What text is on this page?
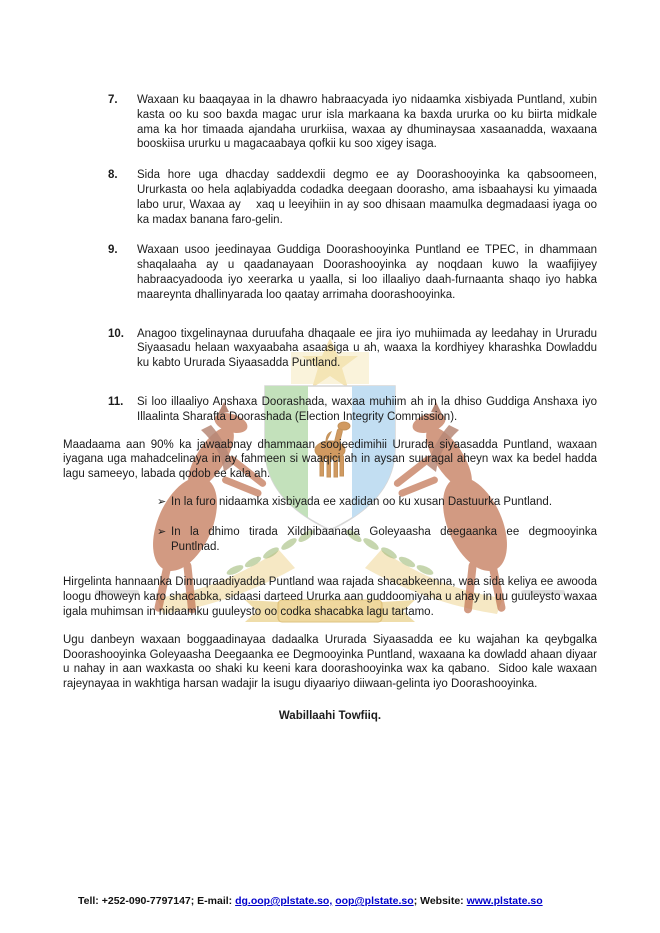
7. Waxaan ku baaqayaa in la dhawro habraacyada iyo nidaamka xisbiyada Puntland, xubin kasta oo ku soo baxda magac urur isla markaana ka baxda ururka oo ku biirta midkale ama ka hor timaada ajandaha ururkiisa, waxaa ay dhuminaysaa xasaanadda, waxaana booskiisa ururku u magacaabaya qofkii ku soo xigey isaga.
8. Sida hore uga dhacday saddexdii degmo ee ay Doorashooyinka ka qabsoomeen, Ururkasta oo hela aqlabiyadda codadka deegaan doorasho, ama isbaahaysi ku yimaada labo urur, Waxaa ay    xaq u leeyihiin in ay soo dhisaan maamulka degmadaasi iyaga oo ka madax banana faro-gelin.
9. Waxaan usoo jeedinayaa Guddiga Doorashooyinka Puntland ee TPEC, in dhammaan shaqalaaha ay u qaadanayaan Doorashooyinka ay noqdaan kuwo la waafijiyey habraacyadooda iyo xeerarka u yaalla, si loo illaaliyo daah-furnaanta shaqo iyo habka maareynta dhallinyarada loo qaatay arrimaha doorashooyinka.
10. Anagoo tixgelinaynaa duruufaha dhaqaale ee jira iyo muhiimada ay leedahay in Ururadu Siyaasadu helaan waxyaabaha asaasiga u ah, waaxa la kordhiyey kharashka Dowladdu ku kabto Ururada Siyaasadda Puntland.
11. Si loo illaaliyo Anshaxa Doorashada, waxaa muhiim ah in la dhiso Guddiga Anshaxa iyo Illaalinta Sharafta Doorashada (Election Integrity Commission).
Maadaama aan 90% ka jawaabnay dhammaan soojeedimihii Ururada siyaasadda Puntland, waxaan iyagana uga mahadcelinaya in ay fahmeen si waaqici ah in aysan suuragal aheyn wax ka bedel hadda lagu sameeyo, labada qodob ee kala ah.
➢ In la furo nidaamka xisbiyada ee xadidan oo ku xusan Dastuurka Puntland.
➢ In la dhimo tirada Xildhibaanada Goleyaasha deegaanka ee degmooyinka Puntlnad.
Hirgelinta hannaanka Dimuqraadiyadda Puntland waa rajada shacabkeenna, waa sida keliya ee awooda loogu dhoweyn karo shacabka, sidaasi darteed Ururka aan guddoomiyaha u ahay in uu guuleysto waxaa igala muhimsan in nidaamku guuleysto oo codka shacabka lagu tartamo.
Ugu danbeyn waxaan boggaadinayaa dadaalka Ururada Siyaasadda ee ku wajahan ka qeybgalka Doorashooyinka Goleyaasha Deegaanka ee Degmooyinka Puntland, waxaana ka dowladd ahaan diyaar u nahay in aan waxkasta oo shaki ku keeni kara doorashooyinka wax ka qabano.  Sidoo kale waxaan rajeynayaa in wakhtiga harsan wadajir la isugu diyaariyo diiwaan-gelinta iyo Doorashooyinka.
Wabillaahi Towfiiq.
Tell: +252-090-7797147; E-mail: dg.oop@plstate.so, oop@plstate.so; Website: www.plstate.so
